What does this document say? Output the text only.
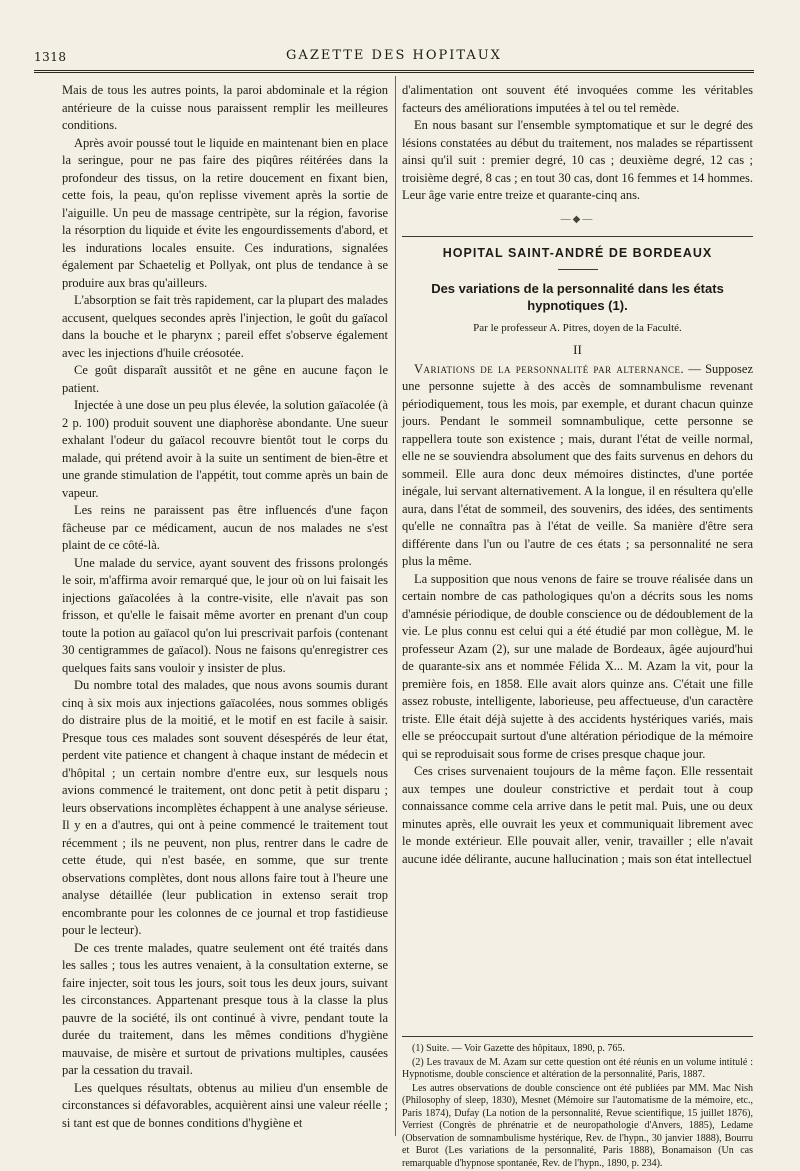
1318	GAZETTE DES HOPITAUX

Mais de tous les autres points, la paroi abdominale et la région antérieure de la cuisse nous paraissent remplir les meilleures conditions.

Après avoir poussé tout le liquide en maintenant bien en place la seringue, pour ne pas faire des piqûres réitérées dans la profondeur des tissus, on la retire doucement en fixant bien, cette fois, la peau, qu'on replisse vivement après la sortie de l'aiguille. Un peu de massage centripète, sur la région, favorise la résorption du liquide et évite les engourdissements d'abord, et les indurations locales ensuite. Ces indurations, signalées également par Schaetelig et Pollyak, ont plus de tendance à se produire aux bras qu'ailleurs.

L'absorption se fait très rapidement, car la plupart des malades accusent, quelques secondes après l'injection, le goût du gaïacol dans la bouche et le pharynx ; pareil effet s'observe également avec les injections d'huile créosotée.

Ce goût disparaît aussitôt et ne gêne en aucune façon le patient.

Injectée à une dose un peu plus élevée, la solution gaïacolée (à 2 p. 100) produit souvent une diaphorèse abondante. Une sueur exhalant l'odeur du gaïacol recouvre bientôt tout le corps du malade, qui prétend avoir à la suite un sentiment de bien-être et une grande stimulation de l'appétit, tout comme après un bain de vapeur.

Les reins ne paraissent pas être influencés d'une façon fâcheuse par ce médicament, aucun de nos malades ne s'est plaint de ce côté-là.

Une malade du service, ayant souvent des frissons prolongés le soir, m'affirma avoir remarqué que, le jour où on lui faisait les injections gaïacolées à la contre-visite, elle n'avait pas son frisson, et qu'elle le faisait même avorter en prenant d'un coup toute la potion au gaïacol qu'on lui prescrivait parfois (contenant 30 centigrammes de gaïacol). Nous ne faisons qu'enregistrer ces quelques faits sans vouloir y insister de plus.

Du nombre total des malades, que nous avons soumis durant cinq à six mois aux injections gaïacolées, nous sommes obligés do distraire plus de la moitié, et le motif en est facile à saisir. Presque tous ces malades sont souvent désespérés de leur état, perdent vite patience et changent à chaque instant de médecin et d'hôpital ; un certain nombre d'entre eux, sur lesquels nous avions commencé le traitement, ont donc petit à petit disparu ; leurs observations incomplètes échappent à une analyse sérieuse. Il y en a d'autres, qui ont à peine commencé le traitement tout récemment ; ils ne peuvent, non plus, rentrer dans le cadre de cette étude, qui n'est basée, en somme, que sur trente observations complètes, dont nous allons faire tout à l'heure une analyse détaillée (leur publication in extenso serait trop encombrante pour les colonnes de ce journal et trop fastidieuse pour le lecteur).

De ces trente malades, quatre seulement ont été traités dans les salles ; tous les autres venaient, à la consultation externe, se faire injecter, soit tous les jours, soit tous les deux jours, suivant les circonstances. Appartenant presque tous à la classe la plus pauvre de la société, ils ont continué à vivre, pendant toute la durée du traitement, dans les mêmes conditions d'hygiène mauvaise, de misère et surtout de privations multiples, causées par la cessation du travail.

Les quelques résultats, obtenus au milieu d'un ensemble de circonstances si défavorables, acquièrent ainsi une valeur réelle ; si tant est que de bonnes conditions d'hygiène et

d'alimentation ont souvent été invoquées comme les véritables facteurs des améliorations imputées à tel ou tel remède.

En nous basant sur l'ensemble symptomatique et sur le degré des lésions constatées au début du traitement, nos malades se répartissent ainsi qu'il suit : premier degré, 10 cas ; deuxième degré, 12 cas ; troisième degré, 8 cas ; en tout 30 cas, dont 16 femmes et 14 hommes. Leur âge varie entre treize et quarante-cinq ans.

—◆—
HOPITAL SAINT-ANDRÉ DE BORDEAUX
Des variations de la personnalité dans les états hypnotiques (1).
Par le professeur A. Pitres, doyen de la Faculté.
II

Variations de la personnalité par alternance. — Supposez une personne sujette à des accès de somnambulisme revenant périodiquement, tous les mois, par exemple, et durant chacun quinze jours. Pendant le sommeil somnambulique, cette personne se rappellera toute son existence ; mais, durant l'état de veille normal, elle ne se souviendra absolument que des faits survenus en dehors du sommeil. Elle aura donc deux mémoires distinctes, d'une portée inégale, lui servant alternativement. A la longue, il en résultera qu'elle aura, dans l'état de sommeil, des souvenirs, des idées, des sentiments qu'elle ne connaîtra pas à l'état de veille. Sa manière d'être sera différente dans l'un ou l'autre de ces états ; sa personnalité ne sera plus la même.

La supposition que nous venons de faire se trouve réalisée dans un certain nombre de cas pathologiques qu'on a décrits sous les noms d'amnésie périodique, de double conscience ou de dédoublement de la vie. Le plus connu est celui qui a été étudié par mon collègue, M. le professeur Azam (2), sur une malade de Bordeaux, âgée aujourd'hui de quarante-six ans et nommée Félida X... M. Azam la vit, pour la première fois, en 1858. Elle avait alors quinze ans. C'était une fille assez robuste, intelligente, laborieuse, peu affectueuse, d'un caractère triste. Elle était déjà sujette à des accidents hystériques variés, mais elle se préoccupait surtout d'une altération périodique de la mémoire qui se reproduisait sous forme de crises presque chaque jour.

Ces crises survenaient toujours de la même façon. Elle ressentait aux tempes une douleur constrictive et perdait tout à coup connaissance comme cela arrive dans le petit mal. Puis, une ou deux minutes après, elle ouvrait les yeux et communiquait librement avec le monde extérieur. Elle pouvait aller, venir, travailler ; elle n'avait aucune idée délirante, aucune hallucination ; mais son état intellectuel

(1) Suite. — Voir Gazette des hôpitaux, 1890, p. 765.

(2) Les travaux de M. Azam sur cette question ont été réunis en un volume intitulé : Hypnotisme, double conscience et altération de la personnalité, Paris, 1887.

Les autres observations de double conscience ont été publiées par MM. Mac Nish (Philosophy of sleep, 1830), Mesnet (Mémoire sur l'automatisme de la mémoire, etc., Paris 1874), Dufay (La notion de la personnalité, Revue scientifique, 15 juillet 1876), Verriest (Congrès de phrénatrie et de neuropathologie d'Anvers, 1885), Ledame (Observation de somnambulisme hystérique, Rev. de l'hypn., 30 janvier 1888), Bourru et Burot (Les variations de la personnalité, Paris 1888), Bonamaison (Un cas remarquable d'hypnose spontanée, Rev. de l'hypn., 1890, p. 234).
